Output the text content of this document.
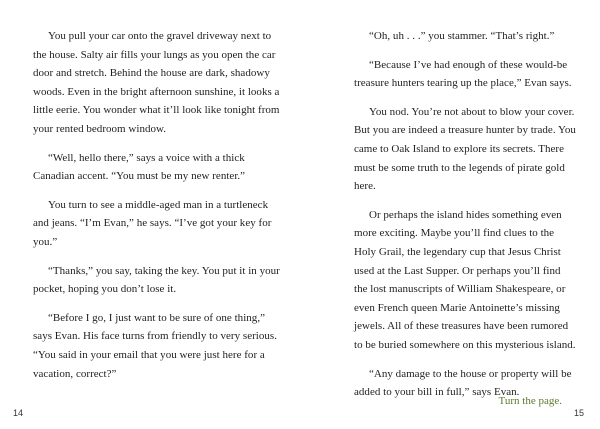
You pull your car onto the gravel driveway next to the house. Salty air fills your lungs as you open the car door and stretch. Behind the house are dark, shadowy woods. Even in the bright afternoon sunshine, it looks a little eerie. You wonder what it’ll look like tonight from your rented bedroom window.

“Well, hello there,” says a voice with a thick Canadian accent. “You must be my new renter.”

You turn to see a middle-aged man in a turtleneck and jeans. “I’m Evan,” he says. “I’ve got your key for you.”

“Thanks,” you say, taking the key. You put it in your pocket, hoping you don’t lose it.

“Before I go, I just want to be sure of one thing,” says Evan. His face turns from friendly to very serious. “You said in your email that you were just here for a vacation, correct?”

14

“Oh, uh . . .” you stammer. “That’s right.”

“Because I’ve had enough of these would-be treasure hunters tearing up the place,” Evan says.

You nod. You’re not about to blow your cover. But you are indeed a treasure hunter by trade. You came to Oak Island to explore its secrets. There must be some truth to the legends of pirate gold here.

Or perhaps the island hides something even more exciting. Maybe you’ll find clues to the Holy Grail, the legendary cup that Jesus Christ used at the Last Supper. Or perhaps you’ll find the lost manuscripts of William Shakespeare, or even French queen Marie Antoinette’s missing jewels. All of these treasures have been rumored to be buried somewhere on this mysterious island.

“Any damage to the house or property will be added to your bill in full,” says Evan.

Turn the page.
15
